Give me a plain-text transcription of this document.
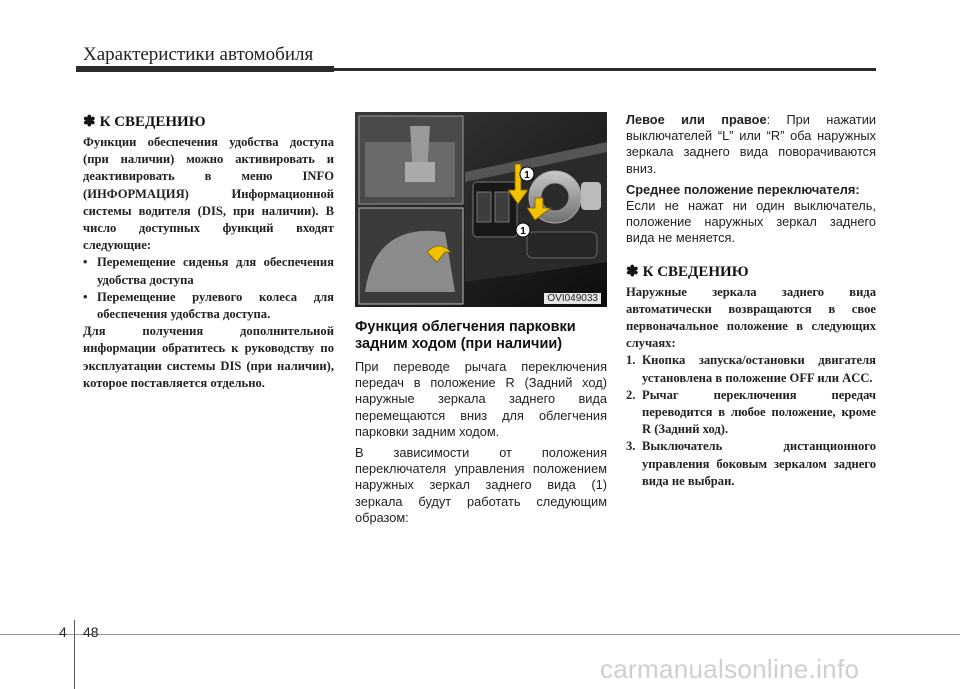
Характеристики автомобиля
✽ К СВЕДЕНИЮ

Функции обеспечения удобства доступа (при наличии) можно активировать и деактивировать в меню INFO (ИНФОРМАЦИЯ) Информационной системы водителя (DIS, при наличии). В число доступных функций входят следующие:

• Перемещение сиденья для обеспечения удобства доступа
• Перемещение рулевого колеса для обеспечения удобства доступа.

Для получения дополнительной информации обратитесь к руководству по эксплуатации системы DIS (при наличии), которое поставляется отдельно.

1
1
OVI049033
Функция облегчения парковки задним ходом (при наличии)

При переводе рычага переключения передач в положение R (Задний ход) наружные зеркала заднего вида перемещаются вниз для облегчения парковки задним ходом.

В зависимости от положения переключателя управления положением наружных зеркал заднего вида (1) зеркала будут работать следующим образом:

Левое или правое: При нажатии выключателей “L” или “R” оба наружных зеркала заднего вида поворачиваются вниз.

Среднее положение переключателя:

Если не нажат ни один выключатель, положение наружных зеркал заднего вида не меняется.

✽ К СВЕДЕНИЮ

Наружные зеркала заднего вида автоматически возвращаются в свое первоначальное положение в следующих случаях:

1. Кнопка запуска/остановки двигателя установлена в положение OFF или ACC.
2. Рычаг переключения передач переводится в любое положение, кроме R (Задний ход).
3. Выключатель дистанционного управления боковым зеркалом заднего вида не выбран.
4 48
carmanualsonline.info
